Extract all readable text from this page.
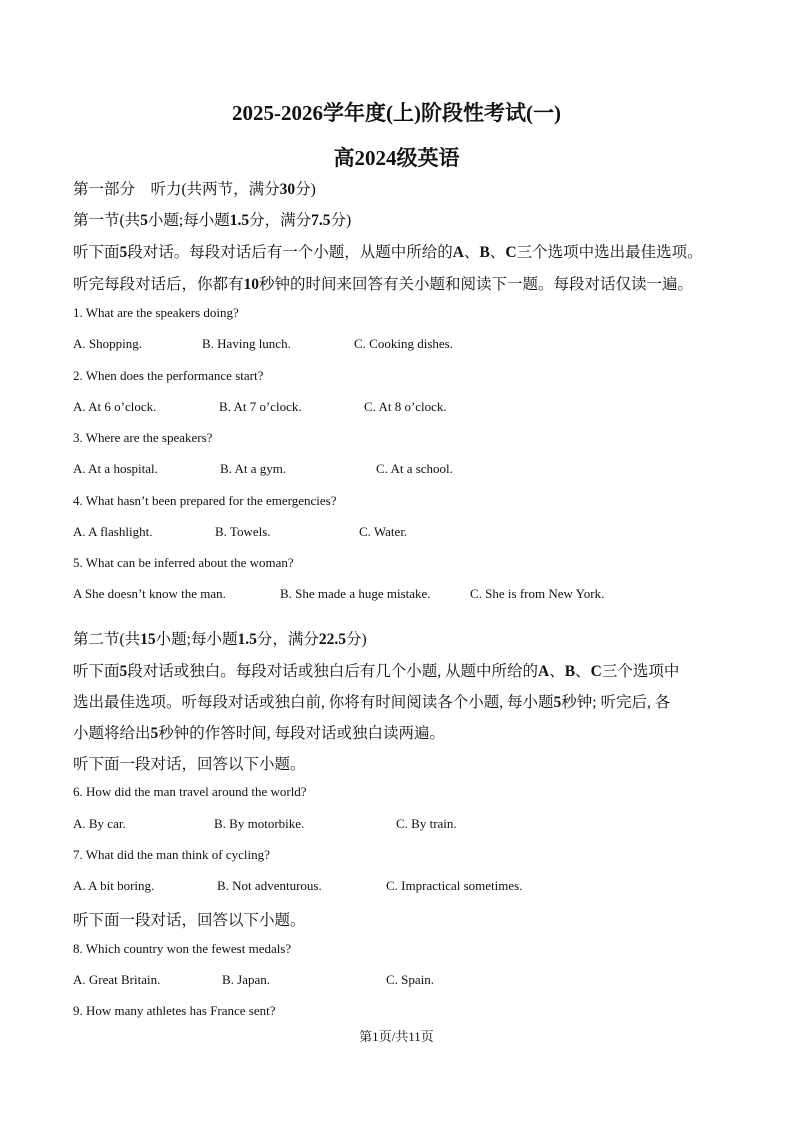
2025-2026学年度(上)阶段性考试(一)
高2024级英语
第一部分　听力(共两节，满分30分)
第一节(共5小题;每小题1.5分，满分7.5分)
听下面5段对话。每段对话后有一个小题，从题中所给的A、B、C三个选项中选出最佳选项。
听完每段对话后，你都有10秒钟的时间来回答有关小题和阅读下一题。每段对话仅读一遍。
1. What are the speakers doing?
A. Shopping.	B. Having lunch.	C. Cooking dishes.
2. When does the performance start?
A. At 6 o’clock.	B. At 7 o’clock.	C. At 8 o’clock.
3. Where are the speakers?
A. At a hospital.	B. At a gym.	C. At a school.
4. What hasn’t been prepared for the emergencies?
A. A flashlight.	B. Towels.	C. Water.
5. What can be inferred about the woman?
A She doesn’t know the man.	B. She made a huge mistake.	C. She is from New York.
第二节(共15小题;每小题1.5分，满分22.5分)
听下面5段对话或独白。每段对话或独白后有几个小题, 从题中所给的A、B、C三个选项中
选出最佳选项。听每段对话或独白前, 你将有时间阅读各个小题, 每小题5秒钟; 听完后, 各
小题将给出5秒钟的作答时间, 每段对话或独白读两遍。
听下面一段对话，回答以下小题。
6. How did the man travel around the world?
A. By car.	B. By motorbike.	C. By train.
7. What did the man think of cycling?
A. A bit boring.	B. Not adventurous.	C. Impractical sometimes.
听下面一段对话，回答以下小题。
8. Which country won the fewest medals?
A. Great Britain.	B. Japan.	C. Spain.
9. How many athletes has France sent?
第1页/共11页
